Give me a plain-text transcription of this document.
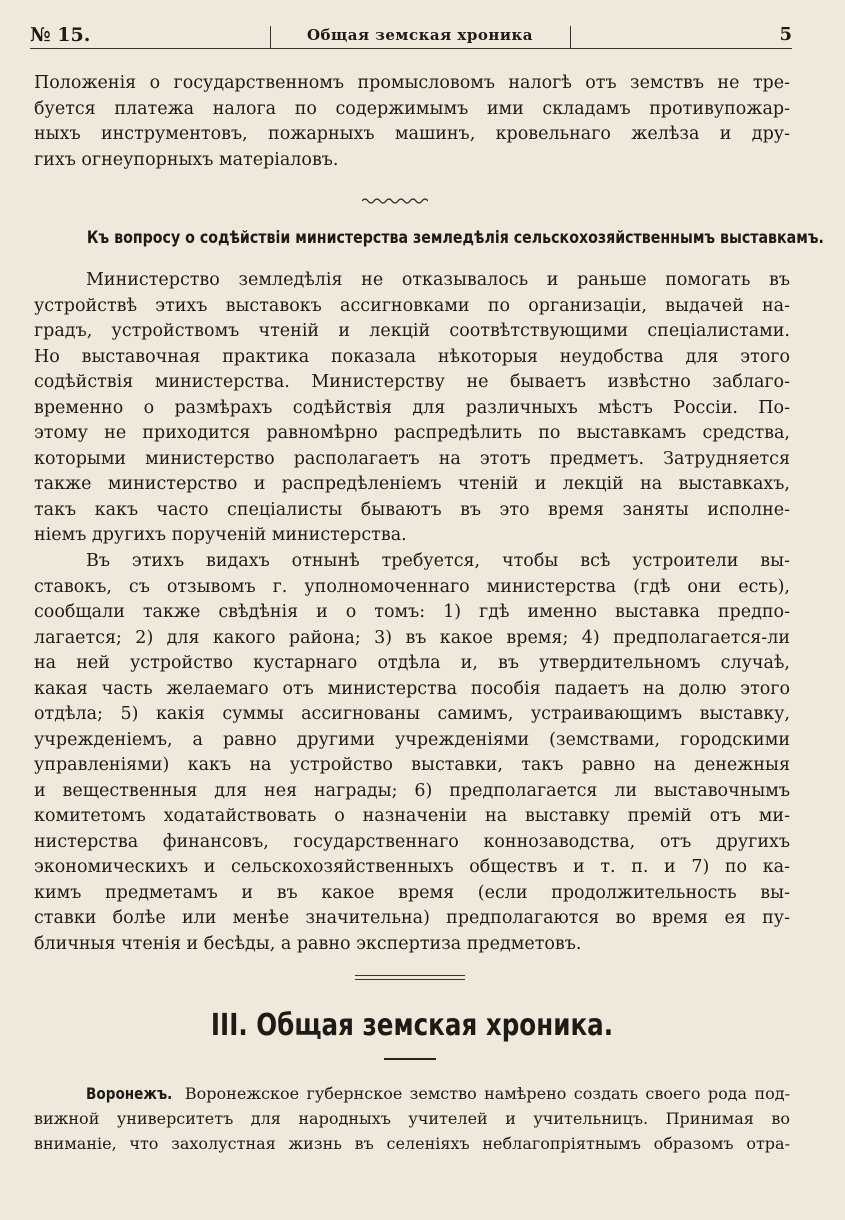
№ 15.	Общая земская хроника	5
Положенія о государственномъ промысловомъ налогѣ отъ земствъ не тре-
буется платежа налога по содержимымъ ими складамъ противупожар-
ныхъ инструментовъ, пожарныхъ машинъ, кровельнаго желѣза и дру-
гихъ огнеупорныхъ матеріаловъ.
Къ вопросу о содѣйствіи министерства земледѣлія сельскохозяйственнымъ выставкамъ.
Министерство земледѣлія не отказывалось и раньше помогать въ
устройствѣ этихъ выставокъ ассигновками по организаціи, выдачей на-
градъ, устройствомъ чтеній и лекцій соотвѣтствующими спеціалистами.
Но выставочная практика показала нѣкоторыя неудобства для этого
содѣйствія министерства. Министерству не бываетъ извѣстно заблаго-
временно о размѣрахъ содѣйствія для различныхъ мѣстъ Россіи. По-
этому не приходится равномѣрно распредѣлить по выставкамъ средства,
которыми министерство располагаетъ на этотъ предметъ. Затрудняется
также министерство и распредѣленіемъ чтеній и лекцій на выставкахъ,
такъ какъ часто спеціалисты бываютъ въ это время заняты исполне-
ніемъ другихъ порученій министерства.
Въ этихъ видахъ отнынѣ требуется, чтобы всѣ устроители вы-
ставокъ, съ отзывомъ г. уполномоченнаго министерства (гдѣ они есть),
сообщали также свѣдѣнія и о томъ: 1) гдѣ именно выставка предпо-
лагается; 2) для какого района; 3) въ какое время; 4) предполагается-ли
на ней устройство кустарнаго отдѣла и, въ утвердительномъ случаѣ,
какая часть желаемаго отъ министерства пособія падаетъ на долю этого
отдѣла; 5) какія суммы ассигнованы самимъ, устраивающимъ выставку,
учрежденіемъ, а равно другими учрежденіями (земствами, городскими
управленіями) какъ на устройство выставки, такъ равно на денежныя
и вещественныя для нея награды; 6) предполагается ли выставочнымъ
комитетомъ ходатайствовать о назначеніи на выставку премій отъ ми-
нистерства финансовъ, государственнаго коннозаводства, отъ другихъ
экономическихъ и сельскохозяйственныхъ обществъ и т. п. и 7) по ка-
кимъ предметамъ и въ какое время (если продолжительность вы-
ставки болѣе или менѣе значительна) предполагаются во время ея пу-
бличныя чтенія и бесѣды, а равно экспертиза предметовъ.
III. Общая земская хроника.
Воронежъ. Воронежское губернское земство намѣрено создать своего рода под-
вижной университетъ для народныхъ учителей и учительницъ. Принимая во
вниманіе, что захолустная жизнь въ селеніяхъ неблагопріятнымъ образомъ отра-
